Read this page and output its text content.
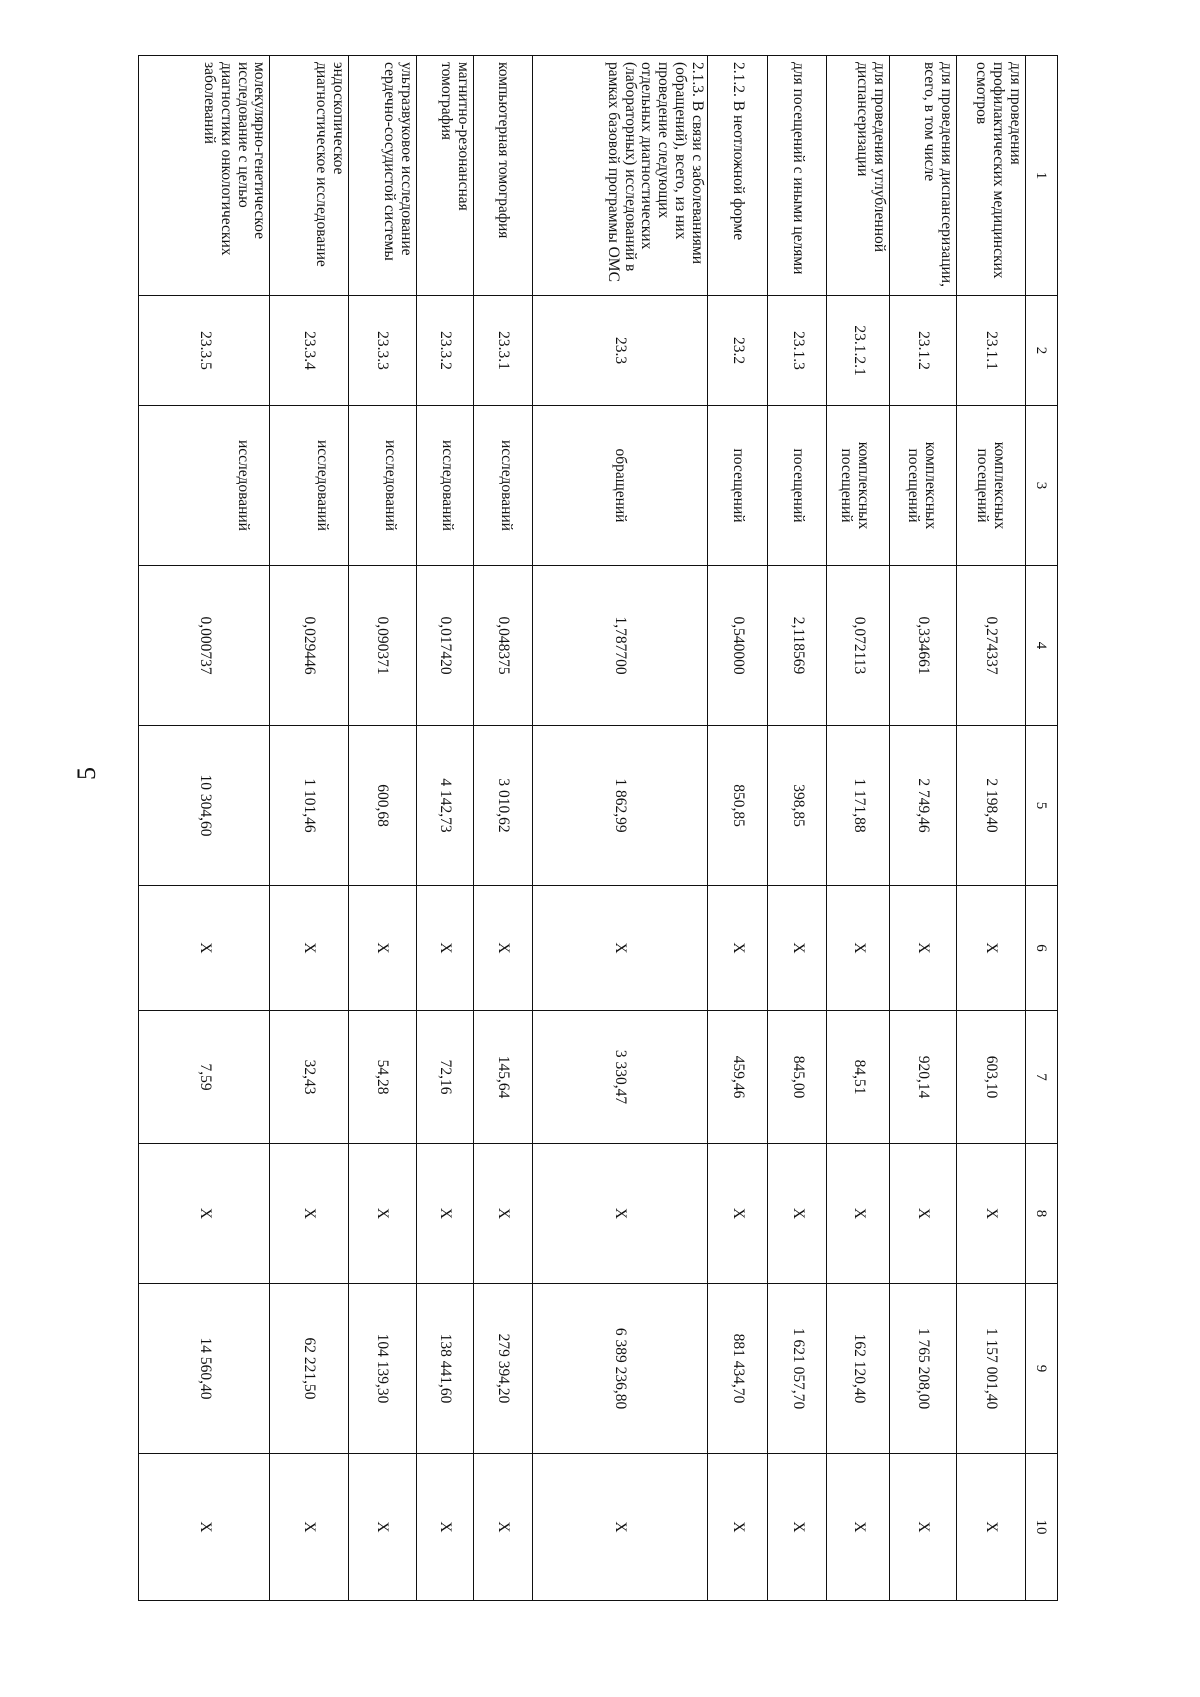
5
1	2	3	4	5	6	7	8	9	10
для проведения профилактических медицинских осмотров	23.1.1	комплексных посещений	0,274337	2 198,40	Х	603,10	Х	1 157 001,40	Х
для проведения диспансеризации, всего, в том числе	23.1.2	комплексных посещений	0,334661	2 749,46	Х	920,14	Х	1 765 208,00	Х
для проведения углубленной диспансеризации	23.1.2.1	комплексных посещений	0,072113	1 171,88	Х	84,51	Х	162 120,40	Х
для посещений с иными целями	23.1.3	посещений	2,118569	398,85	Х	845,00	Х	1 621 057,70	Х
2.1.2. В неотложной форме	23.2	посещений	0,540000	850,85	Х	459,46	Х	881 434,70	Х
2.1.3. В связи с заболеваниями (обращений), всего, из них проведение следующих отдельных диагностических (лабораторных) исследований в рамках базовой программы ОМС	23.3	обращений	1,787700	1 862,99	Х	3 330,47	Х	6 389 236,80	Х
компьютерная томография	23.3.1	исследований	0,048375	3 010,62	Х	145,64	Х	279 394,20	Х
магнитно-резонансная томография	23.3.2	исследований	0,017420	4 142,73	Х	72,16	Х	138 441,60	Х
ультразвуковое исследование сердечно-сосудистой системы	23.3.3	исследований	0,090371	600,68	Х	54,28	Х	104 139,30	Х
эндоскопическое диагностическое исследование	23.3.4	исследований	0,029446	1 101,46	Х	32,43	Х	62 221,50	Х
молекулярно-генетическое исследование с целью диагностики онкологических заболеваний	23.3.5	исследований	0,000737	10 304,60	Х	7,59	Х	14 560,40	Х
